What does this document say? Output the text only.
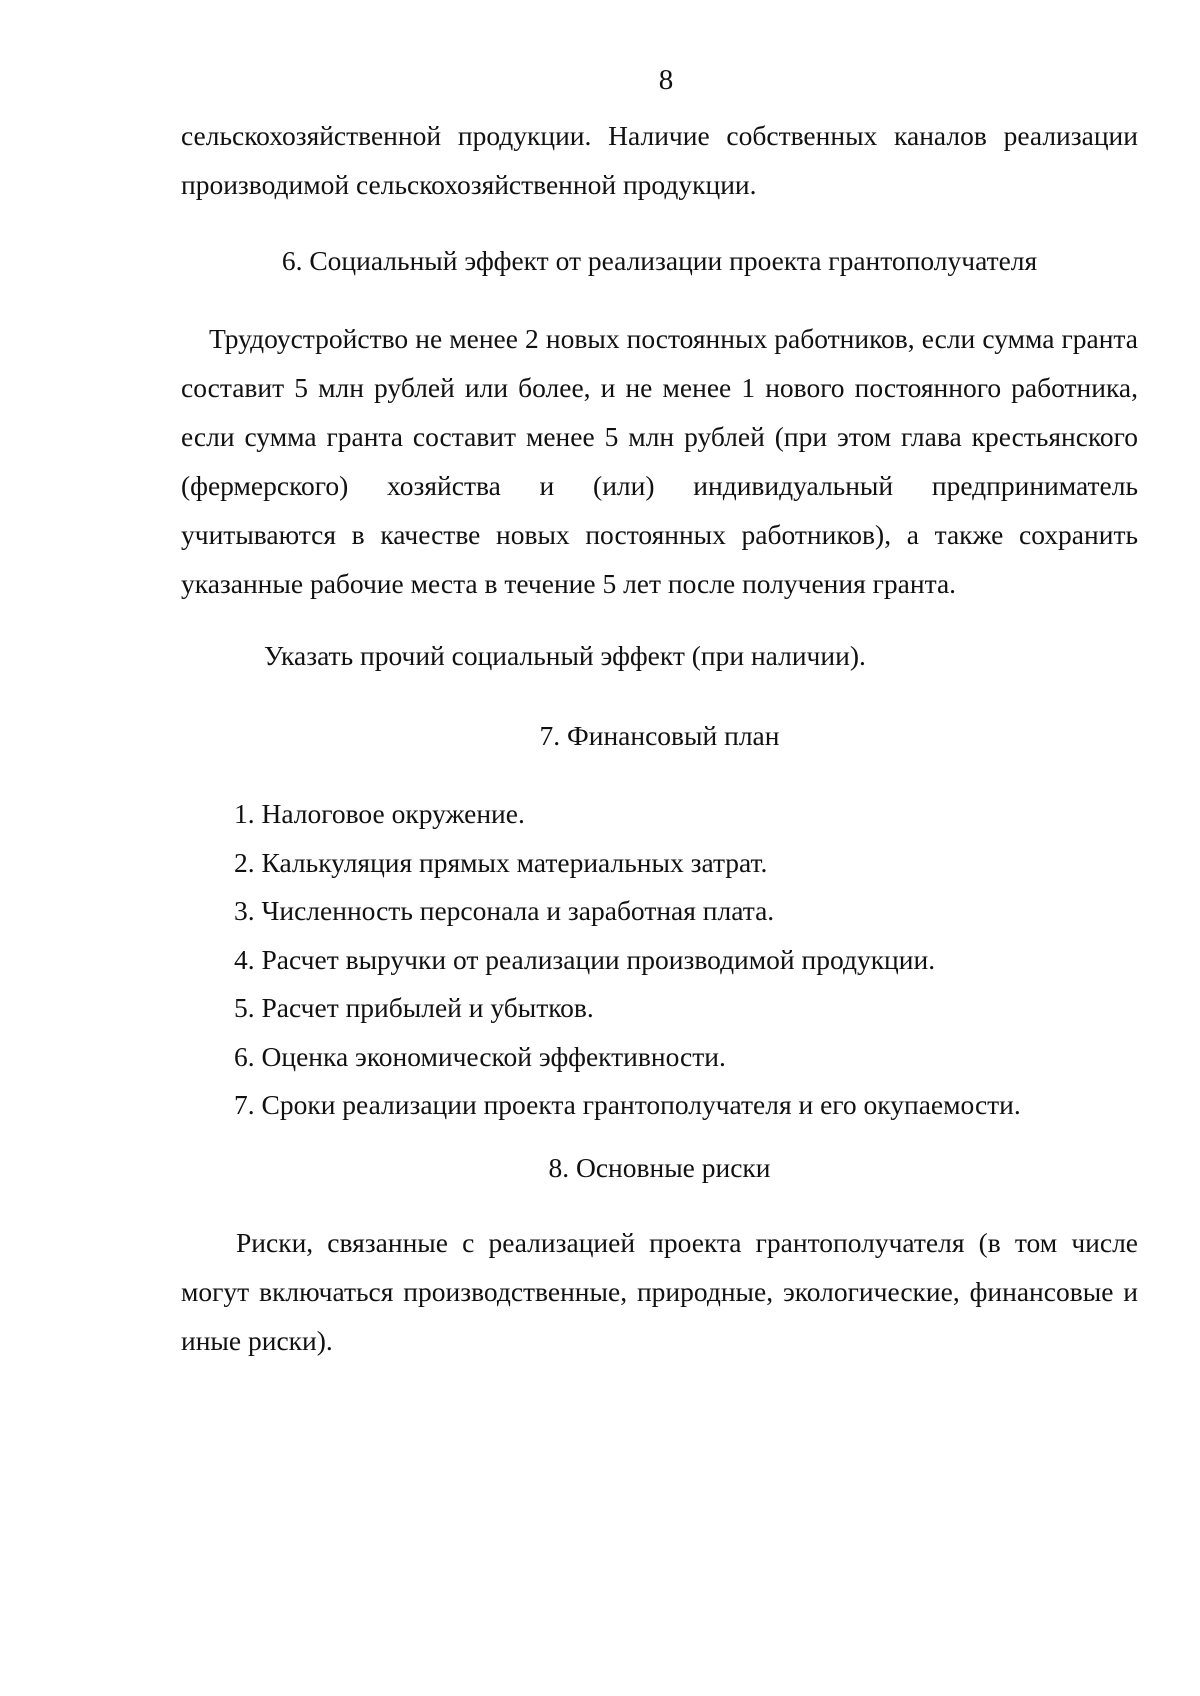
8

сельскохозяйственной продукции. Наличие собственных каналов реализации производимой сельскохозяйственной продукции.

6. Социальный эффект от реализации проекта грантополучателя

Трудоустройство не менее 2 новых постоянных работников, если сумма гранта составит 5 млн рублей или более, и не менее 1 нового постоянного работника, если сумма гранта составит менее 5 млн рублей (при этом глава крестьянского (фермерского) хозяйства и (или) индивидуальный предприниматель учитываются в качестве новых постоянных работников), а также сохранить указанные рабочие места в течение 5 лет после получения гранта.

Указать прочий социальный эффект (при наличии).

7. Финансовый план
1. Налоговое окружение.
2. Калькуляция прямых материальных затрат.
3. Численность персонала и заработная плата.
4. Расчет выручки от реализации производимой продукции.
5. Расчет прибылей и убытков.
6. Оценка экономической эффективности.
7. Сроки реализации проекта грантополучателя и его окупаемости.
8. Основные риски

Риски, связанные с реализацией проекта грантополучателя (в том числе могут включаться производственные, природные, экологические, финансовые и иные риски).
